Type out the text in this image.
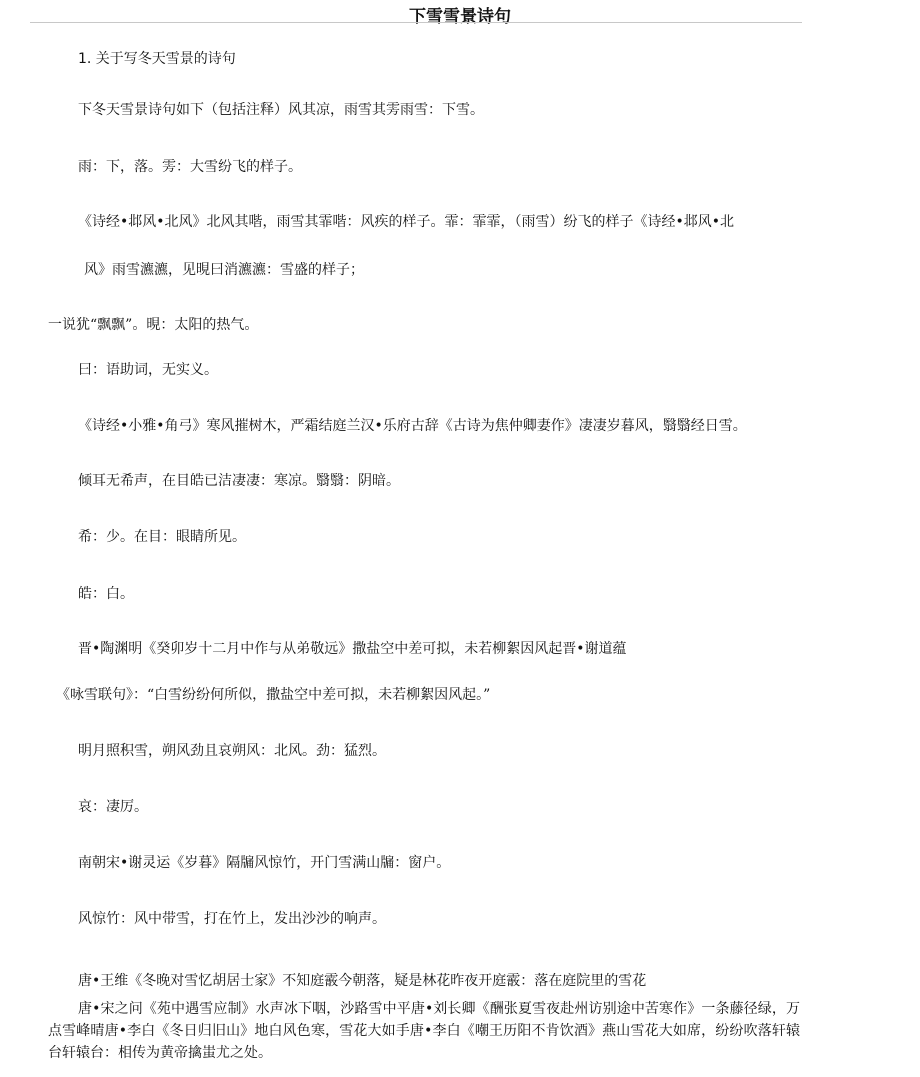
下雪雪景诗句
1. 关于写冬天雪景的诗句
下冬天雪景诗句如下（包括注释）风其凉，雨雪其雱雨雪：下雪。
雨：下，落。雱：大雪纷飞的样子。
《诗经•邶风•北风》北风其喈，雨雪其霏喈：风疾的样子。霏：霏霏，（雨雪）纷飞的样子《诗经•邶风•北
风》雨雪瀌瀌，见晛曰消瀌瀌：雪盛的样子；
一说犹“飘飘”。晛：太阳的热气。
曰：语助词，无实义。
《诗经•小雅•角弓》寒风摧树木，严霜结庭兰汉•乐府古辞《古诗为焦仲卿妻作》凄凄岁暮风，翳翳经日雪。
倾耳无希声，在目皓已洁凄凄：寒凉。翳翳：阴暗。
希：少。在目：眼睛所见。
皓：白。
晋•陶渊明《癸卯岁十二月中作与从弟敬远》撒盐空中差可拟，未若柳絮因风起晋•谢道蕴
《咏雪联句》：“白雪纷纷何所似，撒盐空中差可拟，未若柳絮因风起。”
明月照积雪，朔风劲且哀朔风：北风。劲：猛烈。
哀：凄厉。
南朝宋•谢灵运《岁暮》隔牖风惊竹，开门雪满山牖：窗户。
风惊竹：风中带雪，打在竹上，发出沙沙的响声。
唐•王维《冬晚对雪忆胡居士家》不知庭霰今朝落，疑是林花昨夜开庭霰：落在庭院里的雪花
唐•宋之问《苑中遇雪应制》水声冰下咽，沙路雪中平唐•刘长卿《酬张夏雪夜赴州访别途中苦寒作》一条藤径绿，万点雪峰晴唐•李白《冬日归旧山》地白风色寒，雪花大如手唐•李白《嘲王历阳不肯饮酒》燕山雪花大如席，纷纷吹落轩辕台轩辕台：相传为黄帝擒蚩尤之处。
